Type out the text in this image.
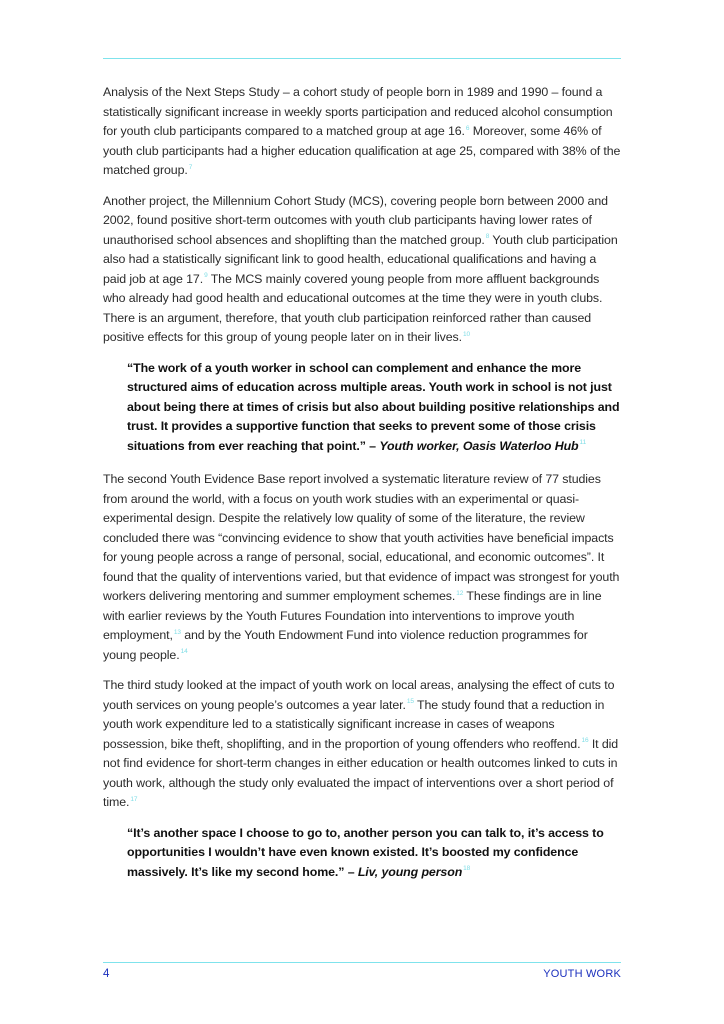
Analysis of the Next Steps Study – a cohort study of people born in 1989 and 1990 – found a statistically significant increase in weekly sports participation and reduced alcohol consumption for youth club participants compared to a matched group at age 16.$^6$ Moreover, some 46% of youth club participants had a higher education qualification at age 25, compared with 38% of the matched group.$^7$

Another project, the Millennium Cohort Study (MCS), covering people born between 2000 and 2002, found positive short-term outcomes with youth club participants having lower rates of unauthorised school absences and shoplifting than the matched group.$^8$ Youth club participation also had a statistically significant link to good health, educational qualifications and having a paid job at age 17.$^9$ The MCS mainly covered young people from more affluent backgrounds who already had good health and educational outcomes at the time they were in youth clubs. There is an argument, therefore, that youth club participation reinforced rather than caused positive effects for this group of young people later on in their lives.$^{10}$

“The work of a youth worker in school can complement and enhance the more structured aims of education across multiple areas. Youth work in school is not just about being there at times of crisis but also about building positive relationships and trust. It provides a supportive function that seeks to prevent some of those crisis situations from ever reaching that point.” – Youth worker, Oasis Waterloo Hub$^{11}$

The second Youth Evidence Base report involved a systematic literature review of 77 studies from around the world, with a focus on youth work studies with an experimental or quasi-experimental design. Despite the relatively low quality of some of the literature, the review concluded there was “convincing evidence to show that youth activities have beneficial impacts for young people across a range of personal, social, educational, and economic outcomes”. It found that the quality of interventions varied, but that evidence of impact was strongest for youth workers delivering mentoring and summer employment schemes.$^{12}$ These findings are in line with earlier reviews by the Youth Futures Foundation into interventions to improve youth employment,$^{13}$ and by the Youth Endowment Fund into violence reduction programmes for young people.$^{14}$

The third study looked at the impact of youth work on local areas, analysing the effect of cuts to youth services on young people’s outcomes a year later.$^{15}$ The study found that a reduction in youth work expenditure led to a statistically significant increase in cases of weapons possession, bike theft, shoplifting, and in the proportion of young offenders who reoffend.$^{16}$ It did not find evidence for short-term changes in either education or health outcomes linked to cuts in youth work, although the study only evaluated the impact of interventions over a short period of time.$^{17}$

“It’s another space I choose to go to, another person you can talk to, it’s access to opportunities I wouldn’t have even known existed. It’s boosted my confidence massively. It’s like my second home.” – Liv, young person$^{18}$

4	YOUTH WORK
